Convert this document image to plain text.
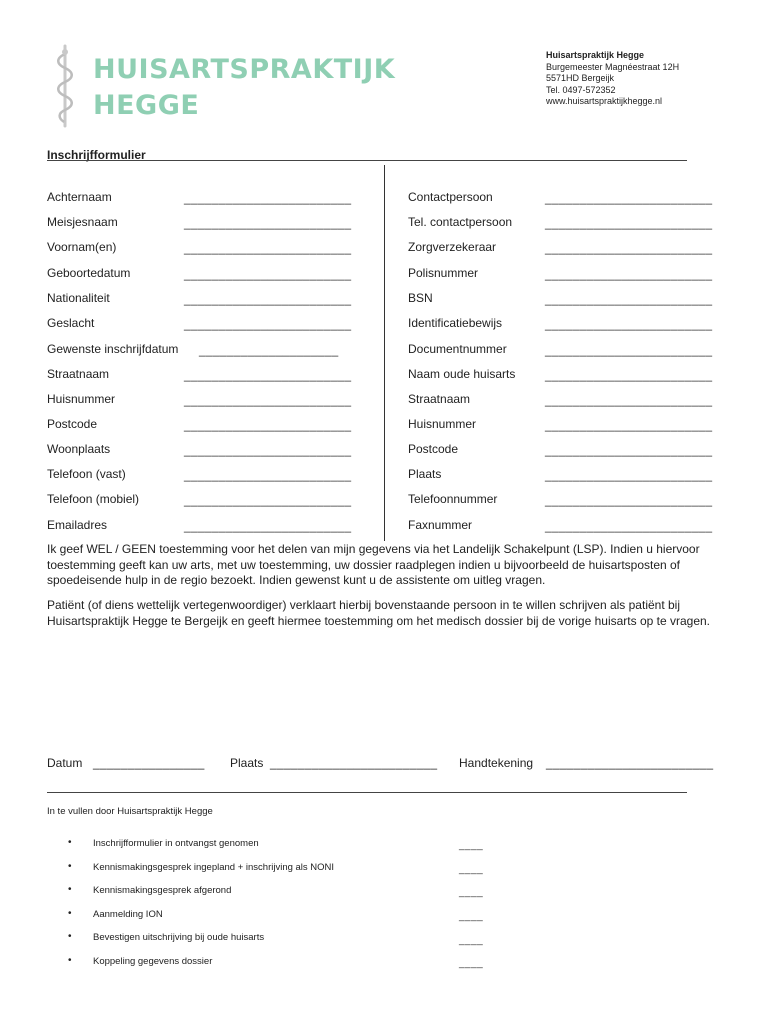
HUISARTSPRAKTIJK
HEGGE
Huisartspraktijk Hegge
Burgemeester Magnéestraat 12H
5571HD Bergeijk
Tel. 0497-572352
www.huisartspraktijkhegge.nl
Inschrijfformulier
Achternaam	________________________
Meisjesnaam	________________________
Voornam(en)	________________________
Geboortedatum	________________________
Nationaliteit	________________________
Geslacht	________________________
Gewenste inschrijfdatum ____________________
Straatnaam	________________________
Huisnummer	________________________
Postcode	________________________
Woonplaats	________________________
Telefoon (vast)	________________________
Telefoon (mobiel)	________________________
Emailadres	________________________
Contactpersoon	________________________
Tel. contactpersoon	________________________
Zorgverzekeraar	________________________
Polisnummer	________________________
BSN	________________________
Identificatiebewijs	________________________
Documentnummer	________________________
Naam oude huisarts ________________________
Straatnaam	________________________
Huisnummer	________________________
Postcode	________________________
Plaats	________________________
Telefoonnummer	________________________
Faxnummer	________________________
Ik geef WEL / GEEN toestemming voor het delen van mijn gegevens via het Landelijk Schakelpunt (LSP). Indien u hiervoor toestemming geeft kan uw arts, met uw toestemming, uw dossier raadplegen indien u bijvoorbeeld de huisartsposten of spoedeisende hulp in de regio bezoekt. Indien gewenst kunt u de assistente om uitleg vragen.
Patiënt (of diens wettelijk vertegenwoordiger) verklaart hierbij bovenstaande persoon in te willen schrijven als patiënt bij Huisartspraktijk Hegge te Bergeijk en geeft hiermee toestemming om het medisch dossier bij de vorige huisarts op te vragen.
Datum ________________ Plaats ________________________ Handtekening ________________________
In te vullen door Huisartspraktijk Hegge
• Inschrijfformulier in ontvangst genomen	____
• Kennismakingsgesprek ingepland + inschrijving als NONI	____
• Kennismakingsgesprek afgerond	____
• Aanmelding ION	____
• Bevestigen uitschrijving bij oude huisarts	____
• Koppeling gegevens dossier	____
